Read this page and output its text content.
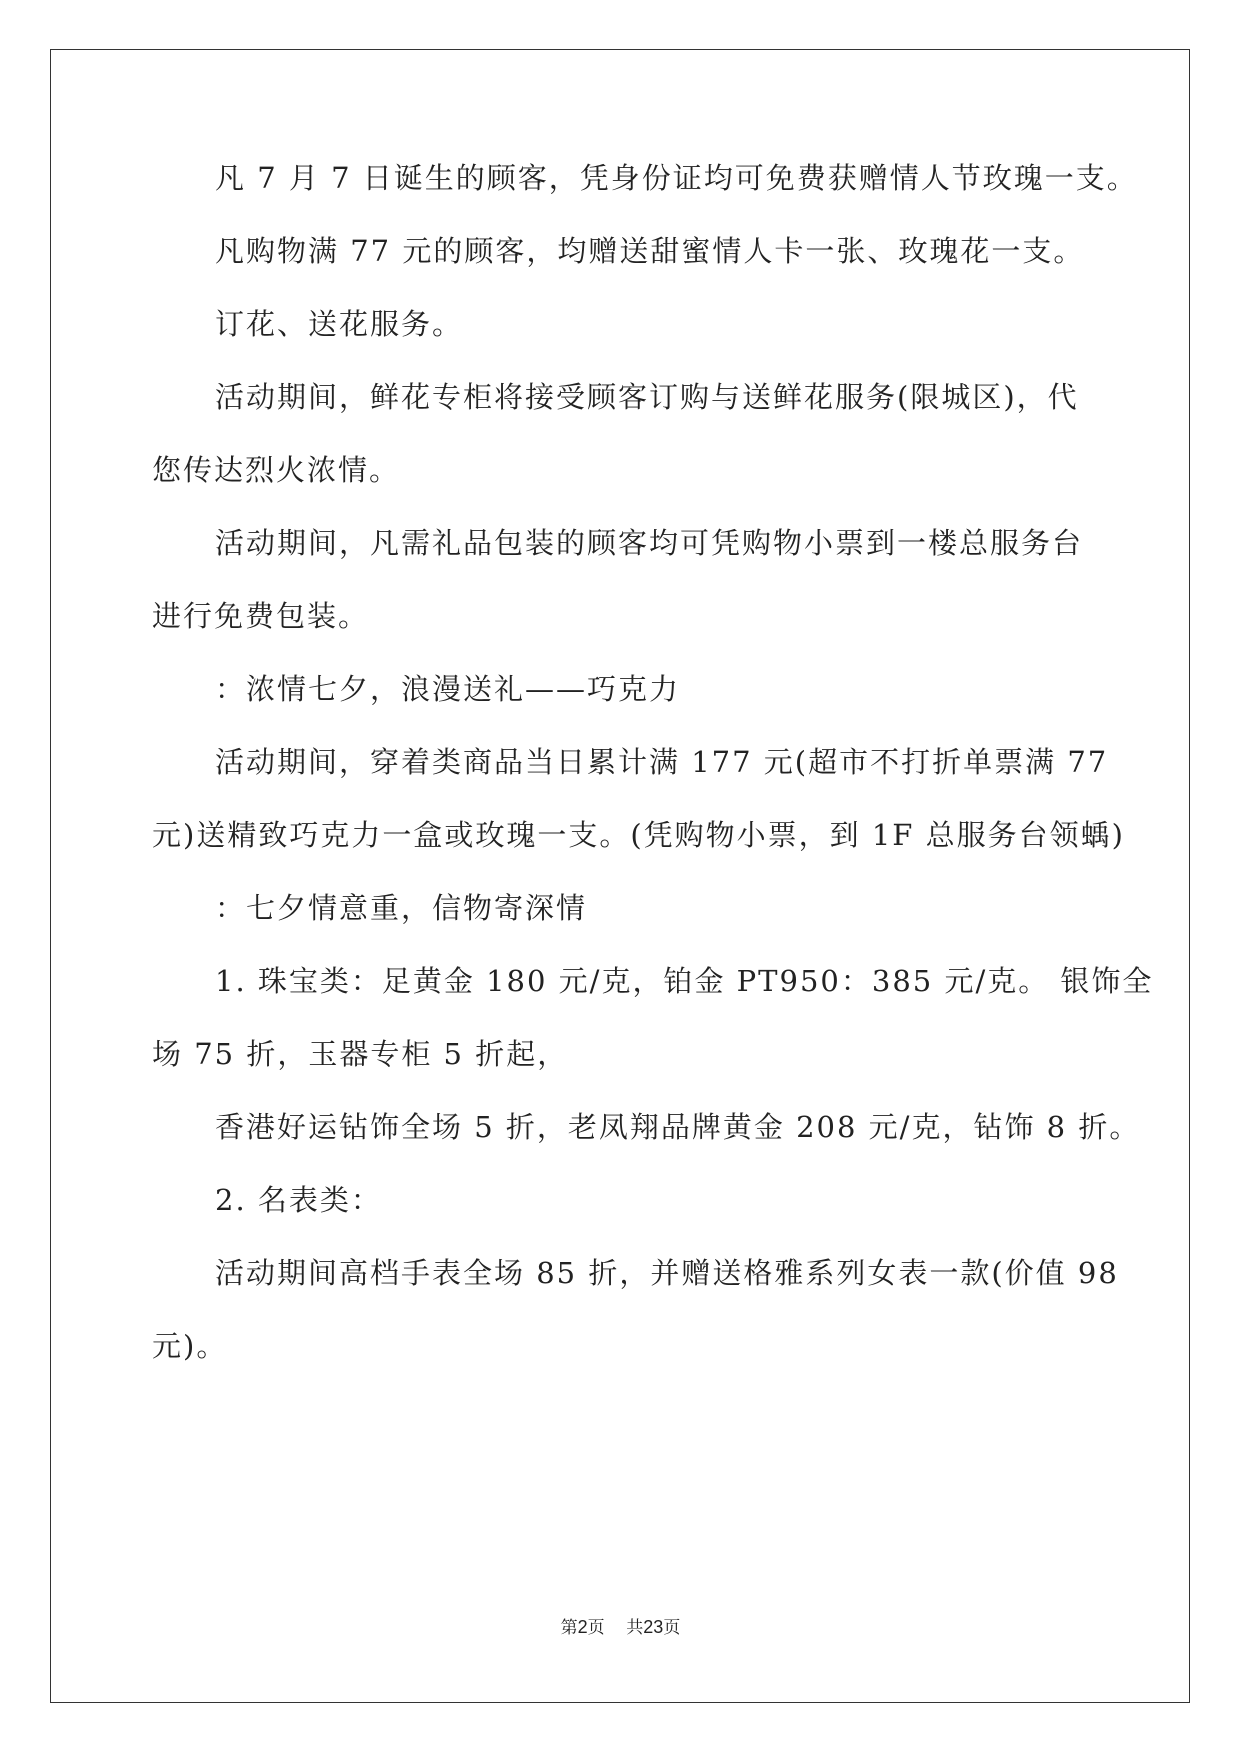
凡 7 月 7 日诞生的顾客，凭身份证均可免费获赠情人节玫瑰一支。
凡购物满 77 元的顾客，均赠送甜蜜情人卡一张、玫瑰花一支。
订花、送花服务。
活动期间，鲜花专柜将接受顾客订购与送鲜花服务(限城区)，代
您传达烈火浓情。
活动期间，凡需礼品包装的顾客均可凭购物小票到一楼总服务台
进行免费包装。
：浓情七夕，浪漫送礼——巧克力
活动期间，穿着类商品当日累计满 177 元(超市不打折单票满 77
元)送精致巧克力一盒或玫瑰一支。(凭购物小票，到 1F 总服务台领蝺)
：七夕情意重，信物寄深情
1. 珠宝类：足黄金 180 元/克，铂金 PT950：385 元/克。 银饰全
场 75 折，玉器专柜 5 折起，
香港好运钻饰全场 5 折，老凤翔品牌黄金 208 元/克，钻饰 8 折。
2. 名表类：
活动期间高档手表全场 85 折，并赠送格雅系列女表一款(价值 98
元)。
第2页 共23页
